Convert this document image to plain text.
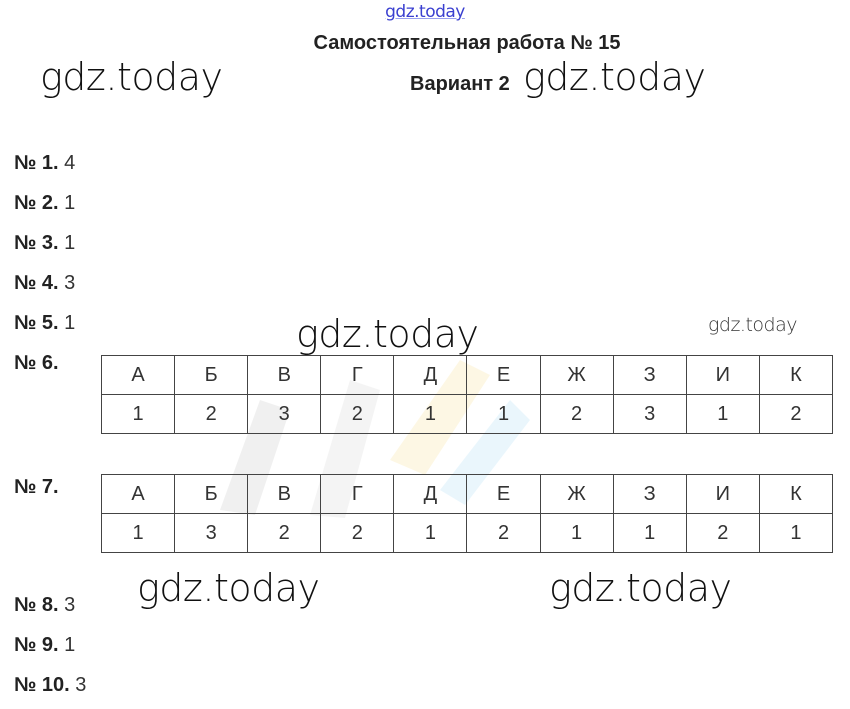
gdz.today
Самостоятельная работа № 15
Вариант 2
gdz.today	gdz.today
gdz.today	gdz.today
gdz.today	gdz.today
№ 1. 4
№ 2. 1
№ 3. 1
№ 4. 3
№ 5. 1
№ 6.
А	Б	В	Г	Д	Е	Ж	З	И	К
1	2	3	2	1	1	2	3	1	2
№ 7.	А	Б	В	Г	Д	Е	Ж	З	И	К
1	3	2	2	1	2	1	1	2	1
№ 8. 3
№ 9. 1
№ 10. 3
